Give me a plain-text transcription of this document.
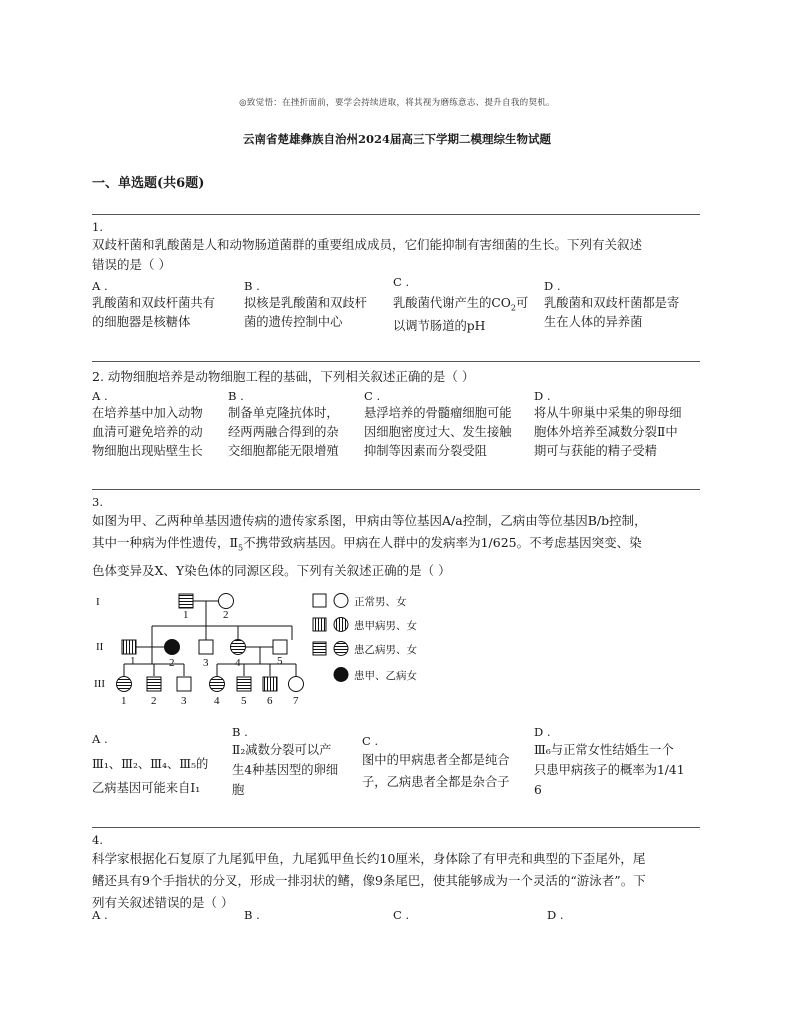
◎致觉悟：在挫折面前，要学会持续进取，将其视为磨练意志、提升自我的契机。
云南省楚雄彝族自治州2024届高三下学期二模理综生物试题
一、单选题(共6题)
1.
双歧杆菌和乳酸菌是人和动物肠道菌群的重要组成成员，它们能抑制有害细菌的生长。下列有关叙述
错误的是（ ）
A .
乳酸菌和双歧杆菌共有
的细胞器是核糖体
B .
拟核是乳酸菌和双歧杆
菌的遗传控制中心
C .
乳酸菌代谢产生的$CO_2$可
以调节肠道的pH
D .
乳酸菌和双歧杆菌都是寄
生在人体的异养菌
2. 动物细胞培养是动物细胞工程的基础，下列相关叙述正确的是（ ）
A .
在培养基中加入动物
血清可避免培养的动
物细胞出现贴壁生长
B .
制备单克隆抗体时，
经两两融合得到的杂
交细胞都能无限增殖
C .
悬浮培养的骨髓瘤细胞可能
因细胞密度过大、发生接触
抑制等因素而分裂受阻
D .
将从牛卵巢中采集的卵母细
胞体外培养至减数分裂Ⅱ中
期可与获能的精子受精
3.
如图为甲、乙两种单基因遗传病的遗传家系图，甲病由等位基因A/a控制，乙病由等位基因B/b控制，
其中一种病为伴性遗传，$Ⅱ_5$不携带致病基因。甲病在人群中的发病率为1/625。不考虑基因突变、染
色体变异及X、Y染色体的同源区段。下列有关叙述正确的是（ ）
I
II
III
1	2
1	2	3 4	5
1 2 3	4 5 6 7
正常男、女
患甲病男、女
患乙病男、女
患甲、乙病女
A .
Ⅲ₁、Ⅲ₂、Ⅲ₄、Ⅲ₅的
乙病基因可能来自Ⅰ₁
B .
Ⅱ₂减数分裂可以产
生4种基因型的卵细
胞
C .
图中的甲病患者全都是纯合
子，乙病患者全都是杂合子
D .
Ⅲ₆与正常女性结婚生一个
只患甲病孩子的概率为1/41
6
4.
科学家根据化石复原了九尾狐甲鱼，九尾狐甲鱼长约10厘米，身体除了有甲壳和典型的下歪尾外，尾
鳍还具有9个手指状的分叉，形成一排羽状的鳍，像9条尾巴，使其能够成为一个灵活的“游泳者”。下
列有关叙述错误的是（ ）
A .	B .	C .	D .
